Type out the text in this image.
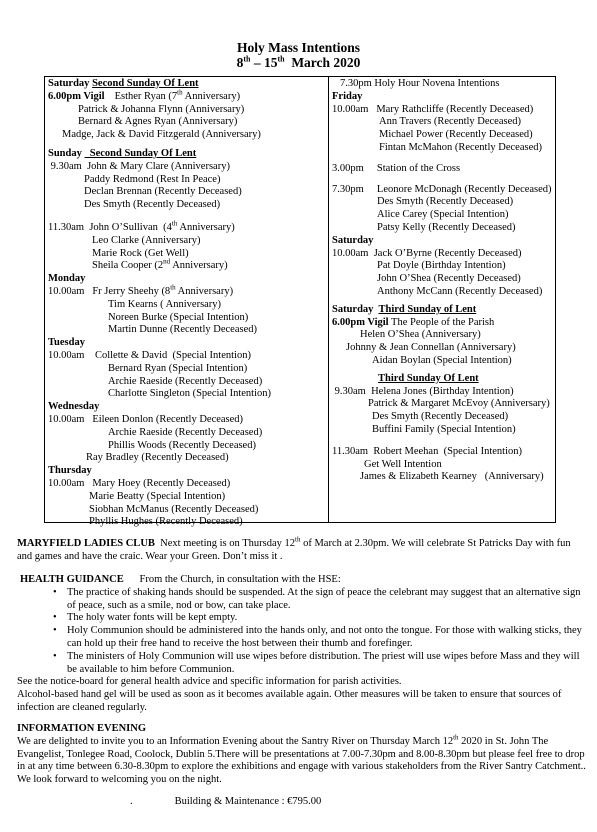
Holy Mass Intentions
8th – 15th  March 2020
Saturday Second Sunday Of Lent
6.00pm Vigil Esther Ryan (7th Anniversary)
Patrick & Johanna Flynn (Anniversary)
Bernard & Agnes Ryan (Anniversary)
Madge, Jack & David Fitzgerald (Anniversary)
Sunday   Second Sunday Of Lent
9.30am  John & Mary Clare (Anniversary)
Paddy Redmond (Rest In Peace)
Declan Brennan (Recently Deceased)
Des Smyth (Recently Deceased)
11.30am  John O’Sullivan  (4th Anniversary)
Leo Clarke (Anniversary)
Marie Rock (Get Well)
Sheila Cooper (2nd Anniversary)
Monday
10.00am   Fr Jerry Sheehy (8th Anniversary)
Tim Kearns ( Anniversary)
Noreen Burke (Special Intention)
Martin Dunne (Recently Deceased)
Tuesday
10.00am    Collette & David  (Special Intention)
Bernard Ryan (Special Intention)
Archie Raeside (Recently Deceased)
Charlotte Singleton (Special Intention)
Wednesday
10.00am   Eileen Donlon (Recently Deceased)
Archie Raeside (Recently Deceased)
Phillis Woods (Recently Deceased)
Ray Bradley (Recently Deceased)
Thursday
10.00am   Mary Hoey (Recently Deceased)
Marie Beatty (Special Intention)
Siobhan McManus (Recently Deceased)
Phyllis Hughes (Recently Deceased)
7.30pm Holy Hour Novena Intentions
Friday
10.00am   Mary Rathcliffe (Recently Deceased)
Ann Travers (Recently Deceased)
Michael Power (Recently Deceased)
Fintan McMahon (Recently Deceased)
3.00pm     Station of the Cross
7.30pm     Leonore McDonagh (Recently Deceased)
Des Smyth (Recently Deceased)
Alice Carey (Special Intention)
Patsy Kelly (Recently Deceased)
Saturday
10.00am  Jack O’Byrne (Recently Deceased)
Pat Doyle (Birthday Intention)
John O’Shea (Recently Deceased)
Anthony McCann (Recently Deceased)
Saturday  Third Sunday of Lent
6.00pm Vigil The People of the Parish
Helen O’Shea (Anniversary)
Johnny & Jean Connellan (Anniversary)
Aidan Boylan (Special Intention)
Third Sunday Of Lent
9.30am  Helena Jones (Birthday Intention)
Patrick & Margaret McEvoy (Anniversary)
Des Smyth (Recently Deceased)
Buffini Family (Special Intention)
11.30am  Robert Meehan  (Special Intention)
Get Well Intention
James & Elizabeth Kearney   (Anniversary)

MARYFIELD LADIES CLUB  Next meeting is on Thursday 12th of March at 2.30pm. We will celebrate St Patricks Day with fun and games and have the craic. Wear your Green. Don’t miss it .

HEALTH GUIDANCE      From the Church, in consultation with the HSE:

• The practice of shaking hands should be suspended. At the sign of peace the celebrant may suggest that an alternative sign of peace, such as a smile, nod or bow, can take place.
• The holy water fonts will be kept empty.
• Holy Communion should be administered into the hands only, and not onto the tongue. For those with walking sticks, they can hold up their free hand to receive the host between their thumb and forefinger.
• The ministers of Holy Communion will use wipes before distribution. The priest will use wipes before Mass and they will be available to him before Communion.

See the notice-board for general health advice and specific information for parish activities.

Alcohol-based hand gel will be used as soon as it becomes available again. Other measures will be taken to ensure that sources of infection are cleaned regularly.

INFORMATION EVENING

We are delighted to invite you to an Information Evening about the Santry River on Thursday March 12th 2020 in St. John The Evangelist, Tonlegee Road, Coolock, Dublin 5.There will be presentations at 7.00-7.30pm and 8.00-8.30pm but please feel free to drop in at any time between 6.30-8.30pm to explore the exhibitions and engage with various stakeholders from the River Santry Catchment.. We look forward to welcoming you on the night.

.	Building & Maintenance : €795.00
